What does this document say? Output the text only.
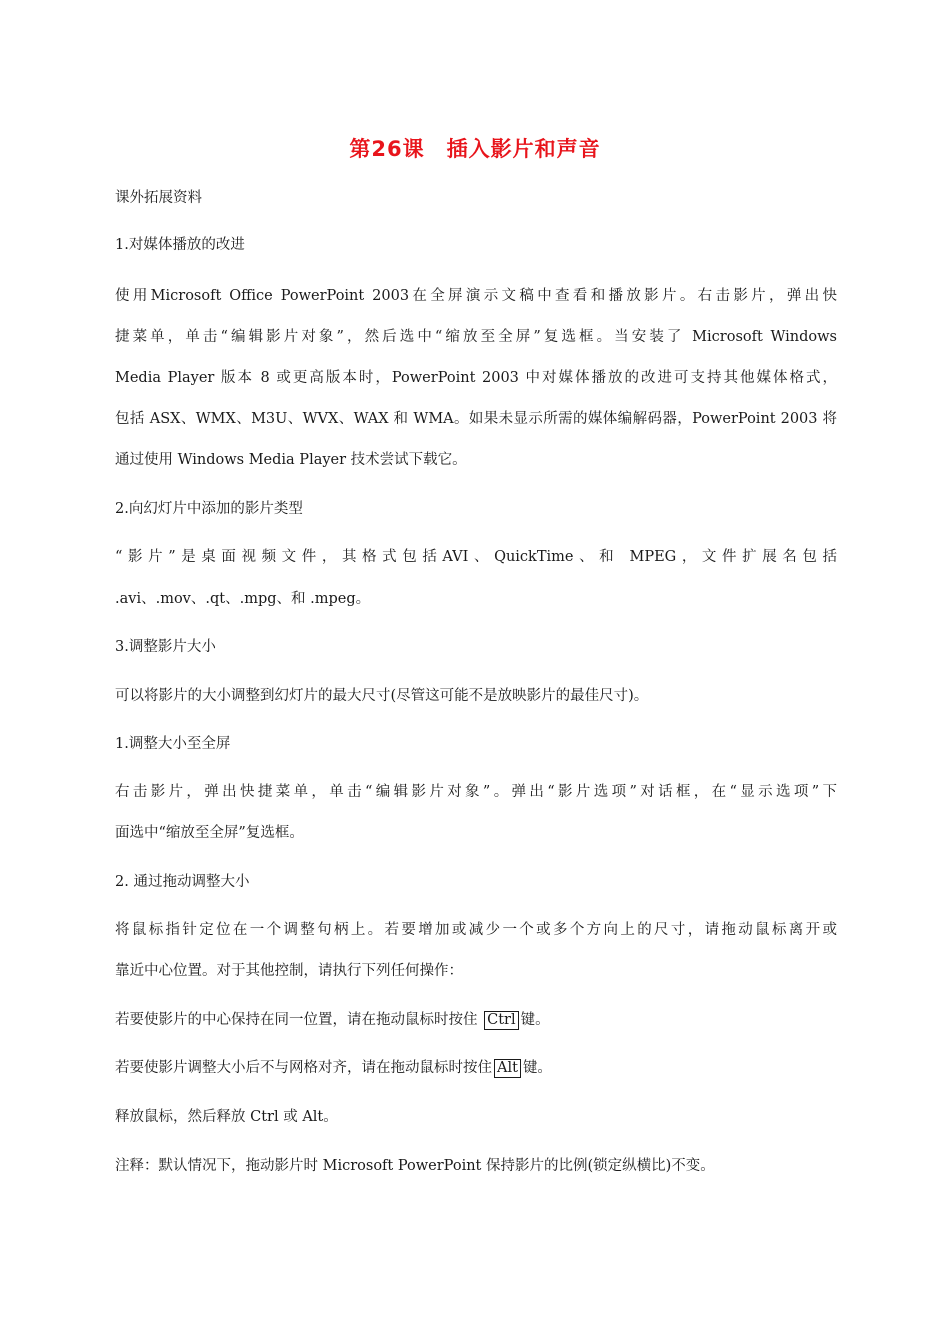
第26课　插入影片和声音
课外拓展资料
1.对媒体播放的改进
使用Microsoft Office PowerPoint 2003在全屏演示文稿中查看和播放影片。右击影片，弹出快
捷菜单，单击“编辑影片对象”，然后选中“缩放至全屏”复选框。当安装了 Microsoft Windows
Media Player 版本 8 或更高版本时，PowerPoint 2003 中对媒体播放的改进可支持其他媒体格式，
包括 ASX、WMX、M3U、WVX、WAX 和 WMA。如果未显示所需的媒体编解码器，PowerPoint 2003 将
通过使用 Windows Media Player 技术尝试下载它。
2.向幻灯片中添加的影片类型
“影片”是桌面视频文件，其格式包括AVI、QuickTime、和 MPEG，文件扩展名包括
.avi、.mov、.qt、.mpg、和 .mpeg。
3.调整影片大小
可以将影片的大小调整到幻灯片的最大尺寸(尽管这可能不是放映影片的最佳尺寸)。
1.调整大小至全屏
右击影片，弹出快捷菜单，单击“编辑影片对象”。弹出“影片选项”对话框，在“显示选项”下
面选中“缩放至全屏”复选框。
2. 通过拖动调整大小
将鼠标指针定位在一个调整句柄上。若要增加或减少一个或多个方向上的尺寸，请拖动鼠标离开或
靠近中心位置。对于其他控制，请执行下列任何操作：
若要使影片的中心保持在同一位置，请在拖动鼠标时按住 Ctrl 键。
若要使影片调整大小后不与网格对齐，请在拖动鼠标时按住 Alt 键。
释放鼠标，然后释放 Ctrl 或 Alt。
注释：默认情况下，拖动影片时 Microsoft PowerPoint 保持影片的比例(锁定纵横比)不变。
